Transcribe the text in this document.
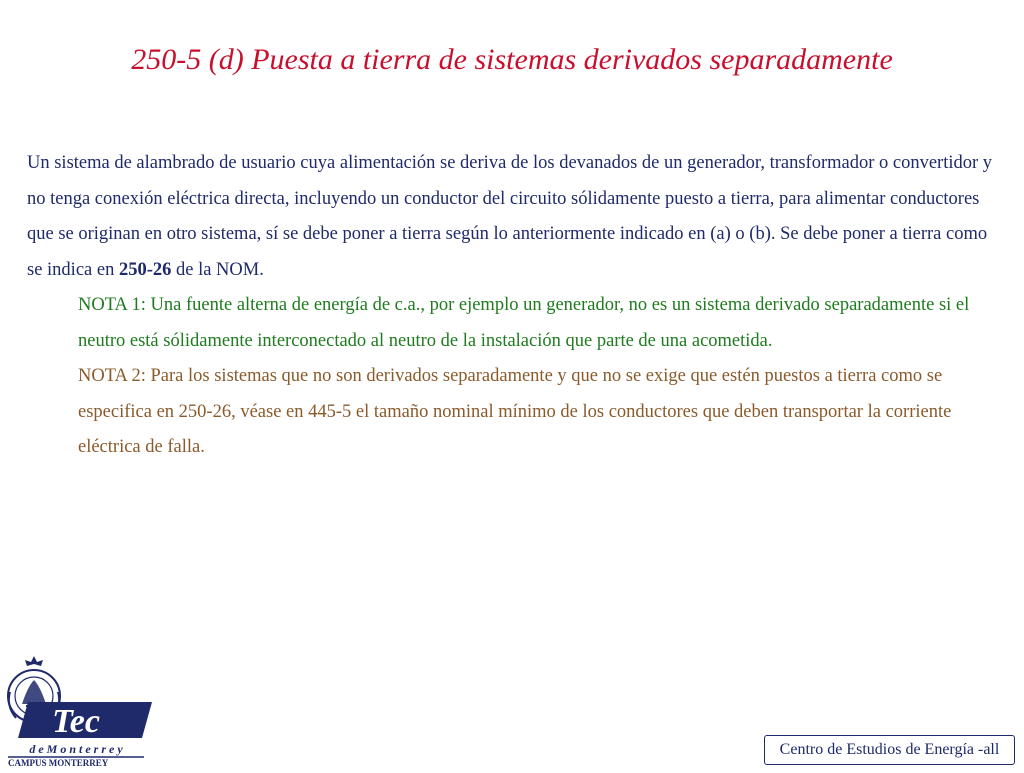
250-5 (d) Puesta a tierra de sistemas derivados separadamente

Un sistema de alambrado de usuario cuya alimentación se deriva de los devanados de un generador, transformador o convertidor y no tenga conexión eléctrica directa, incluyendo un conductor del circuito sólidamente puesto a tierra, para alimentar conductores que se originan en otro sistema, sí se debe poner a tierra según lo anteriormente indicado en (a) o (b). Se debe poner a tierra como se indica en 250-26 de la NOM.

NOTA 1: Una fuente alterna de energía de c.a., por ejemplo un generador, no es un sistema derivado separadamente si el neutro está sólidamente interconectado al neutro de la instalación que parte de una acometida.

NOTA 2: Para los sistemas que no son derivados separadamente y que no se exige que estén puestos a tierra como se especifica en 250-26, véase en 445-5 el tamaño nominal mínimo de los conductores que deben transportar la corriente eléctrica de falla.

Tec
d e M o n t e r r e y
CAMPUS MONTERREY
Centro de Estudios de Energía -all
